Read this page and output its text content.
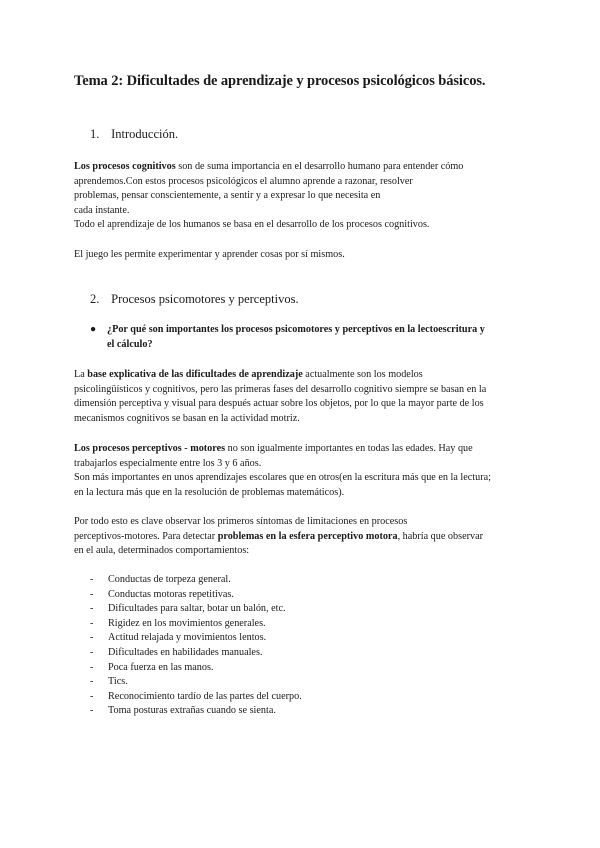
Tema 2: Dificultades de aprendizaje y procesos psicológicos básicos.
1. Introducción.
Los procesos cognitivos son de suma importancia en el desarrollo humano para entender cómo
aprendemos.Con estos procesos psicológicos el alumno aprende a razonar, resolver
problemas, pensar conscientemente, a sentir y a expresar lo que necesita en
cada instante.
Todo el aprendizaje de los humanos se basa en el desarrollo de los procesos cognitivos.
El juego les permite experimentar y aprender cosas por sí mismos.
2. Procesos psicomotores y perceptivos.
● ¿Por qué son importantes los procesos psicomotores y perceptivos en la lectoescritura y
el cálculo?
La base explicativa de las dificultades de aprendizaje actualmente son los modelos
psicolingüísticos y cognitivos, pero las primeras fases del desarrollo cognitivo siempre se basan en la
dimensión perceptiva y visual para después actuar sobre los objetos, por lo que la mayor parte de los
mecanismos cognitivos se basan en la actividad motriz.
Los procesos perceptivos - motores no son igualmente importantes en todas las edades. Hay que
trabajarlos especialmente entre los 3 y 6 años.
Son más importantes en unos aprendizajes escolares que en otros(en la escritura más que en la lectura;
en la lectura más que en la resolución de problemas matemáticos).
Por todo esto es clave observar los primeros síntomas de limitaciones en procesos
perceptivos-motores. Para detectar problemas en la esfera perceptivo motora, habría que observar
en el aula, determinados comportamientos:
- Conductas de torpeza general.
- Conductas motoras repetitivas.
- Dificultades para saltar, botar un balón, etc.
- Rigidez en los movimientos generales.
- Actitud relajada y movimientos lentos.
- Dificultades en habilidades manuales.
- Poca fuerza en las manos.
- Tics.
- Reconocimiento tardío de las partes del cuerpo.
- Toma posturas extrañas cuando se sienta.
